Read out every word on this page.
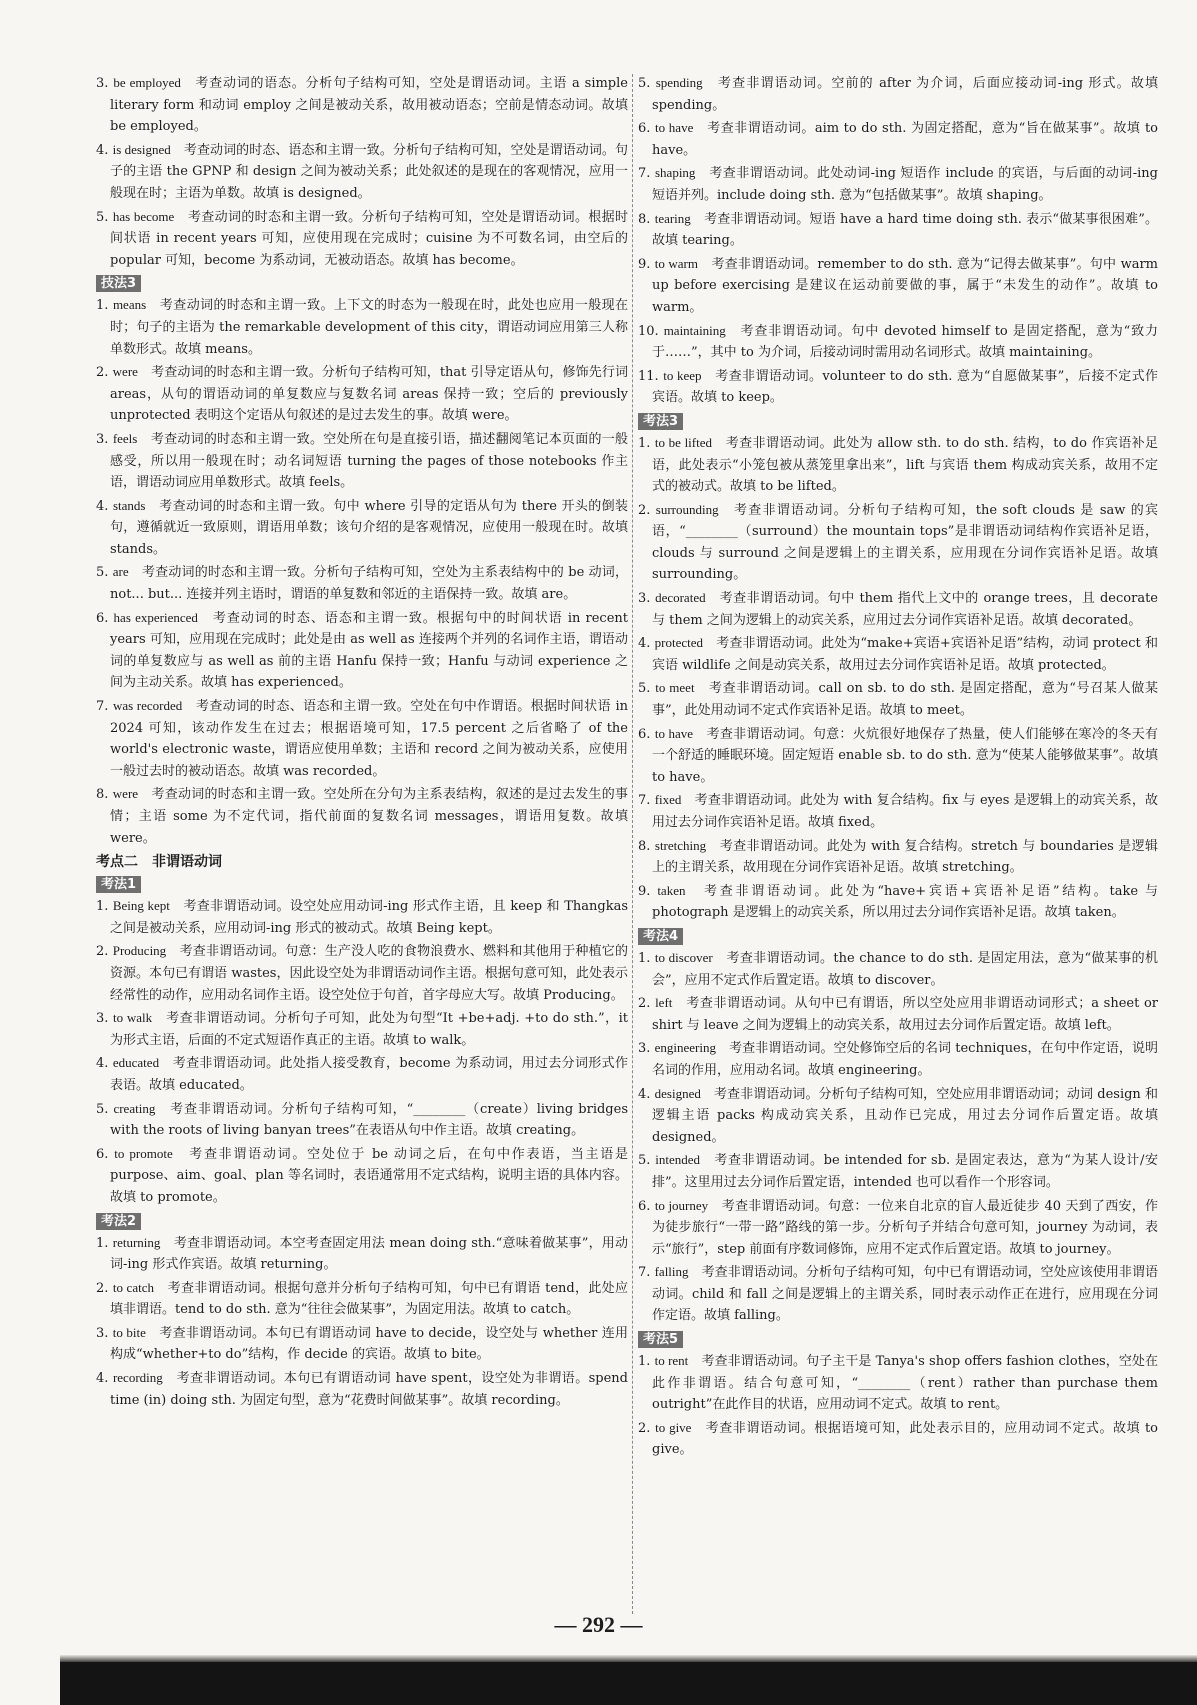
3. be employed　考查动词的语态。分析句子结构可知，空处是谓语动词。主语 a simple literary form 和动词 employ 之间是被动关系，故用被动语态；空前是情态动词。故填 be employed。
4. is designed　考查动词的时态、语态和主谓一致。分析句子结构可知，空处是谓语动词。句子的主语 the GPNP 和 design 之间为被动关系；此处叙述的是现在的客观情况，应用一般现在时；主语为单数。故填 is designed。
5. has become　考查动词的时态和主谓一致。分析句子结构可知，空处是谓语动词。根据时间状语 in recent years 可知，应使用现在完成时；cuisine 为不可数名词，由空后的 popular 可知，become 为系动词，无被动语态。故填 has become。
技法3
1. means　考查动词的时态和主谓一致。上下文的时态为一般现在时，此处也应用一般现在时；句子的主语为 the remarkable development of this city，谓语动词应用第三人称单数形式。故填 means。
2. were　考查动词的时态和主谓一致。分析句子结构可知，that 引导定语从句，修饰先行词 areas，从句的谓语动词的单复数应与复数名词 areas 保持一致；空后的 previously unprotected 表明这个定语从句叙述的是过去发生的事。故填 were。
3. feels　考查动词的时态和主谓一致。空处所在句是直接引语，描述翻阅笔记本页面的一般感受，所以用一般现在时；动名词短语 turning the pages of those notebooks 作主语，谓语动词应用单数形式。故填 feels。
4. stands　考查动词的时态和主谓一致。句中 where 引导的定语从句为 there 开头的倒装句，遵循就近一致原则，谓语用单数；该句介绍的是客观情况，应使用一般现在时。故填 stands。
5. are　考查动词的时态和主谓一致。分析句子结构可知，空处为主系表结构中的 be 动词，not... but... 连接并列主语时，谓语的单复数和邻近的主语保持一致。故填 are。
6. has experienced　考查动词的时态、语态和主谓一致。根据句中的时间状语 in recent years 可知，应用现在完成时；此处是由 as well as 连接两个并列的名词作主语，谓语动词的单复数应与 as well as 前的主语 Hanfu 保持一致；Hanfu 与动词 experience 之间为主动关系。故填 has experienced。
7. was recorded　考查动词的时态、语态和主谓一致。空处在句中作谓语。根据时间状语 in 2024 可知，该动作发生在过去；根据语境可知，17.5 percent 之后省略了 of the world's electronic waste，谓语应使用单数；主语和 record 之间为被动关系，应使用一般过去时的被动语态。故填 was recorded。
8. were　考查动词的时态和主谓一致。空处所在分句为主系表结构，叙述的是过去发生的事情；主语 some 为不定代词，指代前面的复数名词 messages，谓语用复数。故填 were。
考点二　非谓语动词
考法1
1. Being kept　考查非谓语动词。设空处应用动词-ing 形式作主语，且 keep 和 Thangkas 之间是被动关系，应用动词-ing 形式的被动式。故填 Being kept。
2. Producing　考查非谓语动词。句意：生产没人吃的食物浪费水、燃料和其他用于种植它的资源。本句已有谓语 wastes，因此设空处为非谓语动词作主语。根据句意可知，此处表示经常性的动作，应用动名词作主语。设空处位于句首，首字母应大写。故填 Producing。
3. to walk　考查非谓语动词。分析句子可知，此处为句型“It +be+adj. +to do sth.”，it 为形式主语，后面的不定式短语作真正的主语。故填 to walk。
4. educated　考查非谓语动词。此处指人接受教育，become 为系动词，用过去分词形式作表语。故填 educated。
5. creating　考查非谓语动词。分析句子结构可知，“________（create）living bridges with the roots of living banyan trees”在表语从句中作主语。故填 creating。
6. to promote　考查非谓语动词。空处位于 be 动词之后，在句中作表语，当主语是 purpose、aim、goal、plan 等名词时，表语通常用不定式结构，说明主语的具体内容。故填 to promote。
考法2
1. returning　考查非谓语动词。本空考查固定用法 mean doing sth.“意味着做某事”，用动词-ing 形式作宾语。故填 returning。
2. to catch　考查非谓语动词。根据句意并分析句子结构可知，句中已有谓语 tend，此处应填非谓语。tend to do sth. 意为“往往会做某事”，为固定用法。故填 to catch。
3. to bite　考查非谓语动词。本句已有谓语动词 have to decide，设空处与 whether 连用构成“whether+to do”结构，作 decide 的宾语。故填 to bite。
4. recording　考查非谓语动词。本句已有谓语动词 have spent，设空处为非谓语。spend time (in) doing sth. 为固定句型，意为“花费时间做某事”。故填 recording。
5. spending　考查非谓语动词。空前的 after 为介词，后面应接动词-ing 形式。故填 spending。
6. to have　考查非谓语动词。aim to do sth. 为固定搭配，意为“旨在做某事”。故填 to have。
7. shaping　考查非谓语动词。此处动词-ing 短语作 include 的宾语，与后面的动词-ing 短语并列。include doing sth. 意为“包括做某事”。故填 shaping。
8. tearing　考查非谓语动词。短语 have a hard time doing sth. 表示“做某事很困难”。故填 tearing。
9. to warm　考查非谓语动词。remember to do sth. 意为“记得去做某事”。句中 warm up before exercising 是建议在运动前要做的事，属于“未发生的动作”。故填 to warm。
10. maintaining　考查非谓语动词。句中 devoted himself to 是固定搭配，意为“致力于……”，其中 to 为介词，后接动词时需用动名词形式。故填 maintaining。
11. to keep　考查非谓语动词。volunteer to do sth. 意为“自愿做某事”，后接不定式作宾语。故填 to keep。
考法3
1. to be lifted　考查非谓语动词。此处为 allow sth. to do sth. 结构，to do 作宾语补足语，此处表示“小笼包被从蒸笼里拿出来”，lift 与宾语 them 构成动宾关系，故用不定式的被动式。故填 to be lifted。
2. surrounding　考查非谓语动词。分析句子结构可知，the soft clouds 是 saw 的宾语，“________（surround）the mountain tops”是非谓语动词结构作宾语补足语，clouds 与 surround 之间是逻辑上的主谓关系，应用现在分词作宾语补足语。故填 surrounding。
3. decorated　考查非谓语动词。句中 them 指代上文中的 orange trees，且 decorate 与 them 之间为逻辑上的动宾关系，应用过去分词作宾语补足语。故填 decorated。
4. protected　考查非谓语动词。此处为“make+宾语+宾语补足语”结构，动词 protect 和宾语 wildlife 之间是动宾关系，故用过去分词作宾语补足语。故填 protected。
5. to meet　考查非谓语动词。call on sb. to do sth. 是固定搭配，意为“号召某人做某事”，此处用动词不定式作宾语补足语。故填 to meet。
6. to have　考查非谓语动词。句意：火炕很好地保存了热量，使人们能够在寒冷的冬天有一个舒适的睡眠环境。固定短语 enable sb. to do sth. 意为“使某人能够做某事”。故填 to have。
7. fixed　考查非谓语动词。此处为 with 复合结构。fix 与 eyes 是逻辑上的动宾关系，故用过去分词作宾语补足语。故填 fixed。
8. stretching　考查非谓语动词。此处为 with 复合结构。stretch 与 boundaries 是逻辑上的主谓关系，故用现在分词作宾语补足语。故填 stretching。
9. taken　考查非谓语动词。此处为“have+宾语+宾语补足语”结构。take 与 photograph 是逻辑上的动宾关系，所以用过去分词作宾语补足语。故填 taken。
考法4
1. to discover　考查非谓语动词。the chance to do sth. 是固定用法，意为“做某事的机会”，应用不定式作后置定语。故填 to discover。
2. left　考查非谓语动词。从句中已有谓语，所以空处应用非谓语动词形式；a sheet or shirt 与 leave 之间为逻辑上的动宾关系，故用过去分词作后置定语。故填 left。
3. engineering　考查非谓语动词。空处修饰空后的名词 techniques，在句中作定语，说明名词的作用，应用动名词。故填 engineering。
4. designed　考查非谓语动词。分析句子结构可知，空处应用非谓语动词；动词 design 和逻辑主语 packs 构成动宾关系，且动作已完成，用过去分词作后置定语。故填 designed。
5. intended　考查非谓语动词。be intended for sb. 是固定表达，意为“为某人设计/安排”。这里用过去分词作后置定语，intended 也可以看作一个形容词。
6. to journey　考查非谓语动词。句意：一位来自北京的盲人最近徒步 40 天到了西安，作为徒步旅行“一带一路”路线的第一步。分析句子并结合句意可知，journey 为动词，表示“旅行”，step 前面有序数词修饰，应用不定式作后置定语。故填 to journey。
7. falling　考查非谓语动词。分析句子结构可知，句中已有谓语动词，空处应该使用非谓语动词。child 和 fall 之间是逻辑上的主谓关系，同时表示动作正在进行，应用现在分词作定语。故填 falling。
考法5
1. to rent　考查非谓语动词。句子主干是 Tanya's shop offers fashion clothes，空处在此作非谓语。结合句意可知，“________（rent）rather than purchase them outright”在此作目的状语，应用动词不定式。故填 to rent。
2. to give　考查非谓语动词。根据语境可知，此处表示目的，应用动词不定式。故填 to give。
— 292 —
